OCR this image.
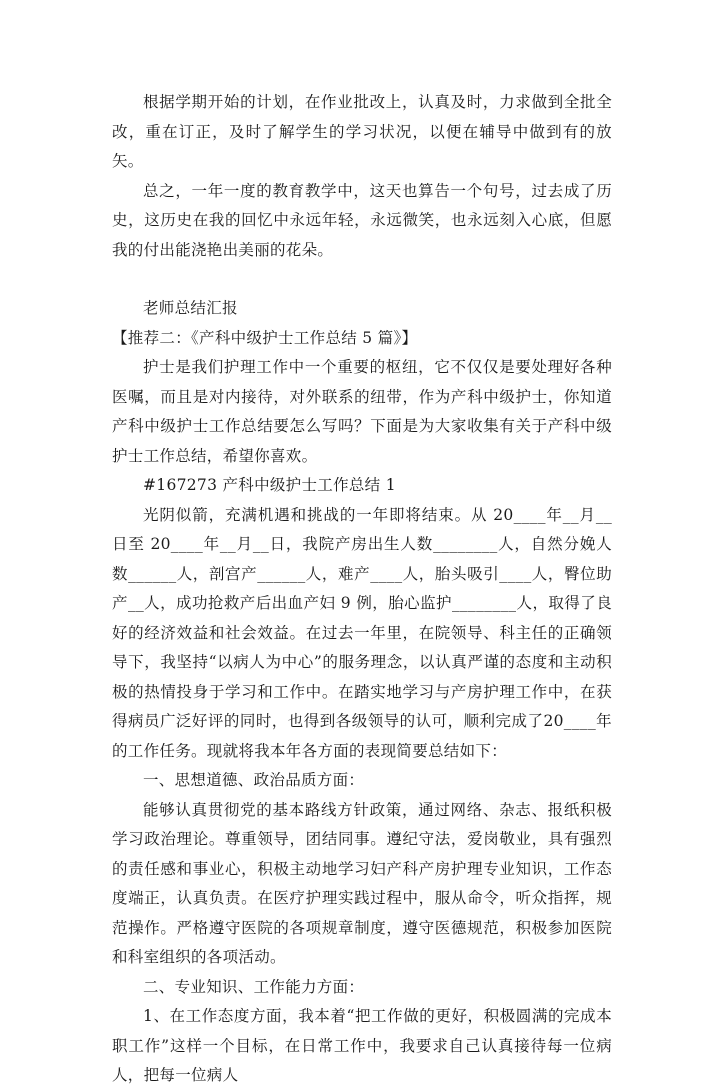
根据学期开始的计划，在作业批改上，认真及时，力求做到全批全改，重在订正，及时了解学生的学习状况，以便在辅导中做到有的放矢。

总之，一年一度的教育教学中，这天也算告一个句号，过去成了历史，这历史在我的回忆中永远年轻，永远微笑，也永远刻入心底，但愿我的付出能浇艳出美丽的花朵。

老师总结汇报

【推荐二：《产科中级护士工作总结 5 篇》】

护士是我们护理工作中一个重要的枢纽，它不仅仅是要处理好各种医嘱，而且是对内接待，对外联系的纽带，作为产科中级护士，你知道产科中级护士工作总结要怎么写吗？下面是为大家收集有关于产科中级护士工作总结，希望你喜欢。

#167273 产科中级护士工作总结 1

光阴似箭，充满机遇和挑战的一年即将结束。从 20____年__月__日至 20____年__月__日，我院产房出生人数________人，自然分娩人数______人，剖宫产______人，难产____人，胎头吸引____人，臀位助产__人，成功抢救产后出血产妇 9 例，胎心监护________人，取得了良好的经济效益和社会效益。在过去一年里，在院领导、科主任的正确领导下，我坚持“以病人为中心”的服务理念，以认真严谨的态度和主动积极的热情投身于学习和工作中。在踏实地学习与产房护理工作中，在获得病员广泛好评的同时，也得到各级领导的认可，顺利完成了20____年的工作任务。现就将我本年各方面的表现简要总结如下：

一、思想道德、政治品质方面：

能够认真贯彻党的基本路线方针政策，通过网络、杂志、报纸积极学习政治理论。尊重领导，团结同事。遵纪守法，爱岗敬业，具有强烈的责任感和事业心，积极主动地学习妇产科产房护理专业知识，工作态度端正，认真负责。在医疗护理实践过程中，服从命令，听众指挥，规范操作。严格遵守医院的各项规章制度，遵守医德规范，积极参加医院和科室组织的各项活动。

二、专业知识、工作能力方面：

1、在工作态度方面，我本着“把工作做的更好，积极圆满的完成本职工作”这样一个目标，在日常工作中，我要求自己认真接待每一位病人，把每一位病人
